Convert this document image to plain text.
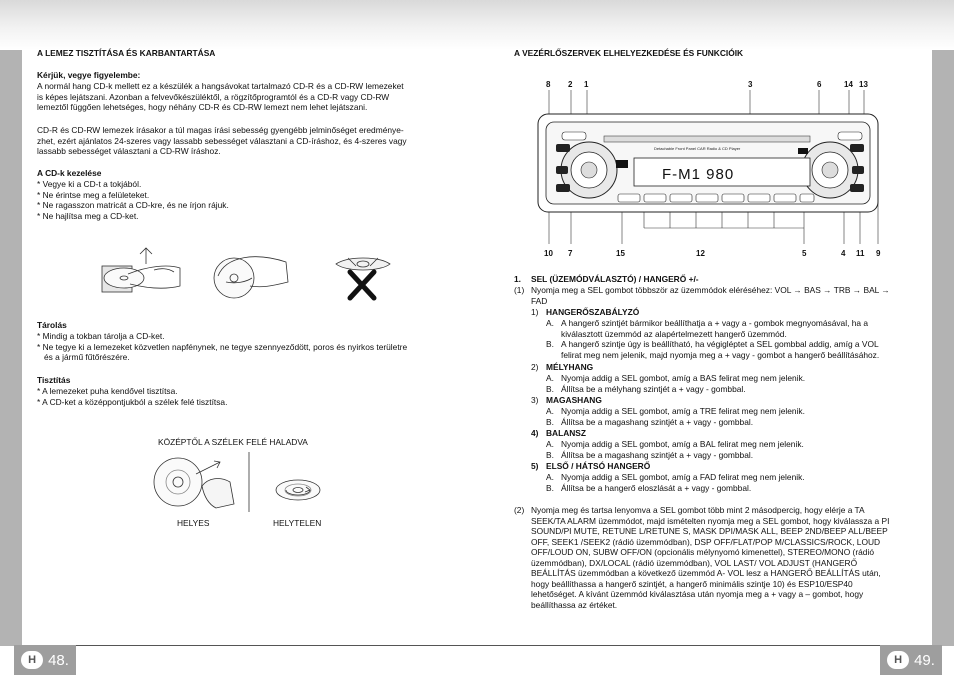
A LEMEZ TISZTÍTÁSA ÉS KARBANTARTÁSA

Kérjük, vegye figyelembe:

A normál hang CD-k mellett ez a készülék a hangsávokat tartalmazó CD-R és a CD-RW lemezeket

is képes lejátszani. Azonban a felvevőkészüléktől, a rögzítőprogramtól és a CD-R vagy CD-RW

lemeztől függően lehetséges, hogy néhány CD-R és CD-RW lemezt nem lehet lejátszani.

CD-R és CD-RW lemezek írásakor a túl magas írási sebesség gyengébb jelminőséget eredménye-

zhet, ezért ajánlatos 24-szeres vagy lassabb sebességet választani a CD-íráshoz, és 4-szeres vagy

lassabb sebességet választani a CD-RW íráshoz.

A CD-k kezelése

* Vegye ki a CD-t a tokjából.

* Ne érintse meg a felületeket.

* Ne ragasszon matricát a CD-kre, és ne írjon rájuk.

* Ne hajlítsa meg a CD-ket.

Tárolás

* Mindig a tokban tárolja a CD-ket.

* Ne tegye ki a lemezeket közvetlen napfénynek, ne tegye szennyeződött, poros és nyirkos területre

és a jármű fűtőrészére.

Tisztítás

* A lemezeket puha kendővel tisztítsa.

* A CD-ket a középpontjukból a szélek felé tisztítsa.

KÖZÉPTŐL A SZÉLEK FELÉ HALADVA
HELYES	HELYTELEN

A VEZÉRLŐSZERVEK ELHELYEZKEDÉSE ÉS FUNKCIÓIK

8 2 1	3	6	14 13
Detachable Front Panel CAR Radio & CD Player
F-M1 980
10 7	15	12	5	4 11 9

1. SEL (ÜZEMÓDVÁLASZTÓ) / HANGERŐ +/-

(1) Nyomja meg a SEL gombot többször az üzemmódok eléréséhez: VOL → BAS → TRB → BAL →

FAD

1) HANGERŐSZABÁLYZÓ

A. A hangerő szintjét bármikor beállíthatja a + vagy a - gombok megnyomásával, ha a

kiválasztott üzemmód az alapértelmezett hangerő üzemmód.

B. A hangerő szintje úgy is beállítható, ha végigléptet a SEL gombbal addig, amíg a VOL

felirat meg nem jelenik, majd nyomja meg a + vagy - gombot a hangerő beállításához.

2) MÉLYHANG

A. Nyomja addig a SEL gombot, amíg a BAS felirat meg nem jelenik.

B. Állítsa be a mélyhang szintjét a + vagy - gombbal.

3) MAGASHANG

A. Nyomja addig a SEL gombot, amíg a TRE felirat meg nem jelenik.

B. Állítsa be a magashang szintjét a + vagy - gombbal.

4) BALANSZ

A. Nyomja addig a SEL gombot, amíg a BAL felirat meg nem jelenik.

B. Állítsa be a magashang szintjét a + vagy - gombbal.

5) ELSŐ / HÁTSÓ HANGERŐ

A. Nyomja addig a SEL gombot, amíg a FAD felirat meg nem jelenik.

B. Állítsa be a hangerő eloszlását a + vagy - gombbal.

(2) Nyomja meg és tartsa lenyomva a SEL gombot több mint 2 másodpercig, hogy elérje a TA

SEEK/TA ALARM üzemmódot, majd ismételten nyomja meg a SEL gombot, hogy kiválassza a PI

SOUND/PI MUTE, RETUNE L/RETUNE S, MASK DPI/MASK ALL, BEEP 2ND/BEEP ALL/BEEP

OFF, SEEK1 /SEEK2 (rádió üzemmódban), DSP OFF/FLAT/POP M/CLASSICS/ROCK, LOUD

OFF/LOUD ON, SUBW OFF/ON (opcionális mélynyomó kimenettel), STEREO/MONO (rádió

üzemmódban), DX/LOCAL (rádió üzemmódban), VOL LAST/ VOL ADJUST (HANGERŐ

BEÁLLÍTÁS üzemmódban a következő üzemmód A- VOL lesz a HANGERŐ BEÁLLÍTÁS után,

hogy beállíthassa a hangerő szintjét, a hangerő minimális szintje 10) és ESP10/ESP40

lehetőséget. A kívánt üzemmód kiválasztása után nyomja meg a + vagy a – gombot, hogy

beállíthassa az értéket.

H 48.	H 49.
